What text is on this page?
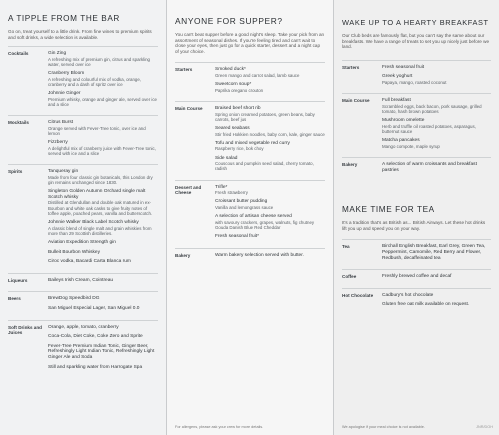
A TIPPLE FROM THE BAR
Go on, treat yourself to a little drink. From fine wines to premium spirits and soft drinks, a wide selection is available.
Cocktails	Gin Zing
A refreshing mix of premium gin, citrus and sparkling water, served over ice
Cranberry Bloom
A refreshing and colourful mix of vodka, orange, cranberry and a dash of spritz over ice
Johnnie Ginger
Premium whisky, orange and ginger ale, served over ice and a slice
Mocktails	Citrus Burst
Orange served with Fever-Tree tonic, over ice and lemon
Fizzberry
A delightful mix of cranberry juice with Fever-Tree tonic, served with ice and a slice
Spirits	Tanqueray gin
Made from four classic gin botanicals, this London dry gin remains unchanged since 1830.
Singleton Golden Autumn Orchard single malt Scotch whisky
Distilled at Glendullan and double oak matured in ex-Bourbon and white oak casks to give fruity notes of toffee apple, poached pears, vanilla and butterscotch.
Johnnie Walker Black Label Scotch whisky
A classic blend of single malt and grain whiskies from more than 29 Scottish distilleries.
Aviation Expedition Strength gin
Bulleit Bourbon Whiskey
Ciroc vodka, Bacardi Carta Blanca rum
Liqueurs	Baileys Irish Cream, Cointreau
Beers	BrewDog Speedbird DG
San Miguel Especial Lager, San Miguel 0.0
Soft Drinks and Juices
Orange, apple, tomato, cranberry
Coca-Cola, Diet Coke, Coke Zero and Sprite
Fever-Tree Premium Indian Tonic, Ginger Beer, Refreshingly Light Indian Tonic, Refreshingly Light Ginger Ale and Soda
Still and sparkling water from Harrogate Spa
ANYONE FOR SUPPER?
You can't beat supper before a good night's sleep. Take your pick from an assortment of seasonal dishes. If you're feeling tired and can't wait to close your eyes, then just go for a quick starter, dessert and a night cap of your choice.
Starters	Smoked duck*
Green mango and carrot salad, lamb sauce
Sweetcorn soup*
Paprika oregano crouton
Main Course	Braised beef short rib
Spring onion creamed potatoes, green beans, baby carrots, beef jus
Seared seabass
Stir fried Hokkien noodles, baby corn, kale, ginger sauce
Tofu and mixed vegetable red curry
Raspberry rice, bok choy
Side salad
Couscous and pumpkin seed salad, cherry tomato, radish
Dessert and Cheese
Trifle*
Fresh strawberry
Croissant butter pudding
Vanilla and lemongrass sauce
A selection of artisan cheese served
with savoury crackers, grapes, walnuts, fig chutney Gouda Danish Blue Red Cheddar
Fresh seasonal fruit*
Bakery	Warm bakery selection served with butter.
For allergens, please ask your crew for more details.
WAKE UP TO A HEARTY BREAKFAST
Our Club beds are famously flat, but you can't say the same about our breakfasts. We have a range of treats to set you up nicely just before we land.
Starters	Fresh seasonal fruit
Greek yoghurt
Papaya, mango, roasted coconut
Main Course	Full breakfast
Scrambled eggs, back bacon, pork sausage, grilled tomato, hash brown potatoes
Mushroom omelette
Herb and truffle oil roasted potatoes, asparagus, butternut sauce
Matcha pancakes
Mango compote, maple syrup
Bakery	A selection of warm croissants and breakfast pastries
MAKE TIME FOR TEA
It's a tradition that's as British as... British Airways. Let these hot drinks lift you up and speed you on your way.
Tea	Birchall English Breakfast, Earl Grey, Green Tea, Peppermint, Camomile, Red Berry and Flower, Redbush, decaffeinated tea
Coffee	Freshly brewed coffee and decaf
Hot Chocolate	Cadbury's hot chocolate
Gluten free oat milk available on request.
We apologise if your meal choice is not available.	JNR/DOH
